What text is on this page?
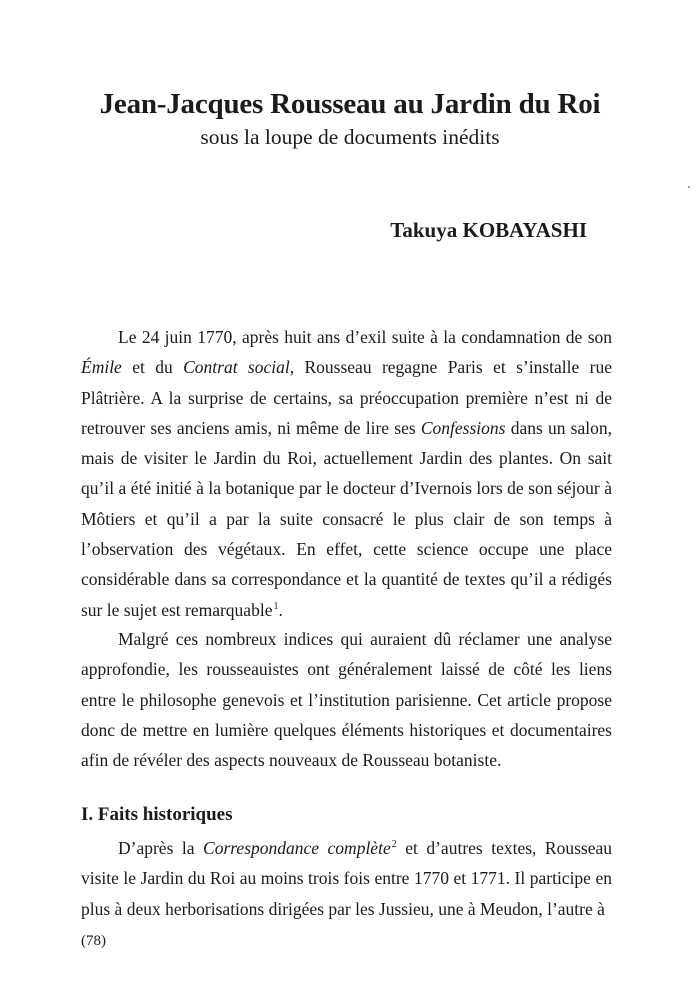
Jean-Jacques Rousseau au Jardin du Roi
sous la loupe de documents inédits
Takuya KOBAYASHI

Le 24 juin 1770, après huit ans d’exil suite à la condamnation de son Émile et du Contrat social, Rousseau regagne Paris et s’installe rue Plâtrière. A la surprise de certains, sa préoccupation première n’est ni de retrouver ses anciens amis, ni même de lire ses Confessions dans un salon, mais de visiter le Jardin du Roi, actuellement Jardin des plantes. On sait qu’il a été initié à la botanique par le docteur d’Ivernois lors de son séjour à Môtiers et qu’il a par la suite consacré le plus clair de son temps à l’observation des végétaux. En effet, cette science occupe une place considérable dans sa correspondance et la quantité de textes qu’il a rédigés sur le sujet est remarquable$^1$.

Malgré ces nombreux indices qui auraient dû réclamer une analyse approfondie, les rousseauistes ont généralement laissé de côté les liens entre le philosophe genevois et l’institution parisienne. Cet article propose donc de mettre en lumière quelques éléments historiques et documentaires afin de révéler des aspects nouveaux de Rousseau botaniste.

I. Faits historiques

D’après la Correspondance complète$^2$ et d’autres textes, Rousseau visite le Jardin du Roi au moins trois fois entre 1770 et 1771. Il participe en plus à deux herborisations dirigées par les Jussieu, une à Meudon, l’autre à

(78)
